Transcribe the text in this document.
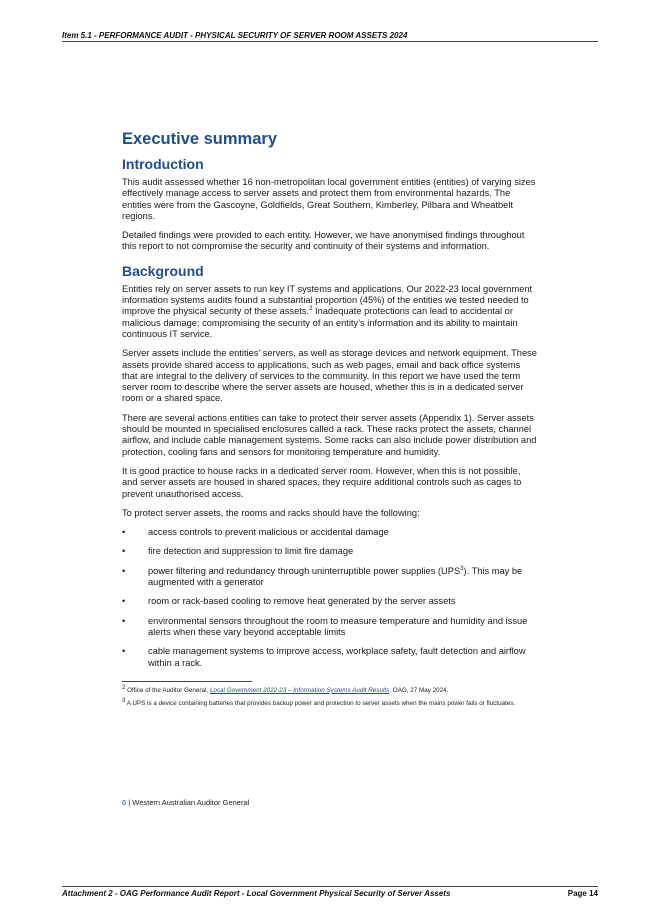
Item 5.1 - PERFORMANCE AUDIT - PHYSICAL SECURITY OF SERVER ROOM ASSETS 2024
Executive summary
Introduction

This audit assessed whether 16 non-metropolitan local government entities (entities) of varying sizes effectively manage access to server assets and protect them from environmental hazards. The entities were from the Gascoyne, Goldfields, Great Southern, Kimberley, Pilbara and Wheatbelt regions.

Detailed findings were provided to each entity. However, we have anonymised findings throughout this report to not compromise the security and continuity of their systems and information.

Background

Entities rely on server assets to run key IT systems and applications. Our 2022-23 local government information systems audits found a substantial proportion (45%) of the entities we tested needed to improve the physical security of these assets.$^2$ Inadequate protections can lead to accidental or malicious damage; compromising the security of an entity’s information and its ability to maintain continuous IT service.

Server assets include the entities’ servers, as well as storage devices and network equipment. These assets provide shared access to applications, such as web pages, email and back office systems that are integral to the delivery of services to the community. In this report we have used the term server room to describe where the server assets are housed, whether this is in a dedicated server room or a shared space.

There are several actions entities can take to protect their server assets (Appendix 1). Server assets should be mounted in specialised enclosures called a rack. These racks protect the assets, channel airflow, and include cable management systems. Some racks can also include power distribution and protection, cooling fans and sensors for monitoring temperature and humidity.

It is good practice to house racks in a dedicated server room. However, when this is not possible, and server assets are housed in shared spaces, they require additional controls such as cages to prevent unauthorised access.

To protect server assets, the rooms and racks should have the following:

• access controls to prevent malicious or accidental damage
• fire detection and suppression to limit fire damage
• power filtering and redundancy through uninterruptible power supplies (UPS$^3$). This may be augmented with a generator
• room or rack-based cooling to remove heat generated by the server assets
• environmental sensors throughout the room to measure temperature and humidity and issue alerts when these vary beyond acceptable limits
• cable management systems to improve access, workplace safety, fault detection and airflow within a rack.

$^2$ Office of the Auditor General, Local Government 2022-23 – Information Systems Audit Results, OAG, 27 May 2024.

$^3$ A UPS is a device containing batteries that provides backup power and protection to server assets when the mains power fails or fluctuates.

6 | Western Australian Auditor General
Attachment 2 - OAG Performance Audit Report - Local Government Physical Security of Server Assets	Page 14
